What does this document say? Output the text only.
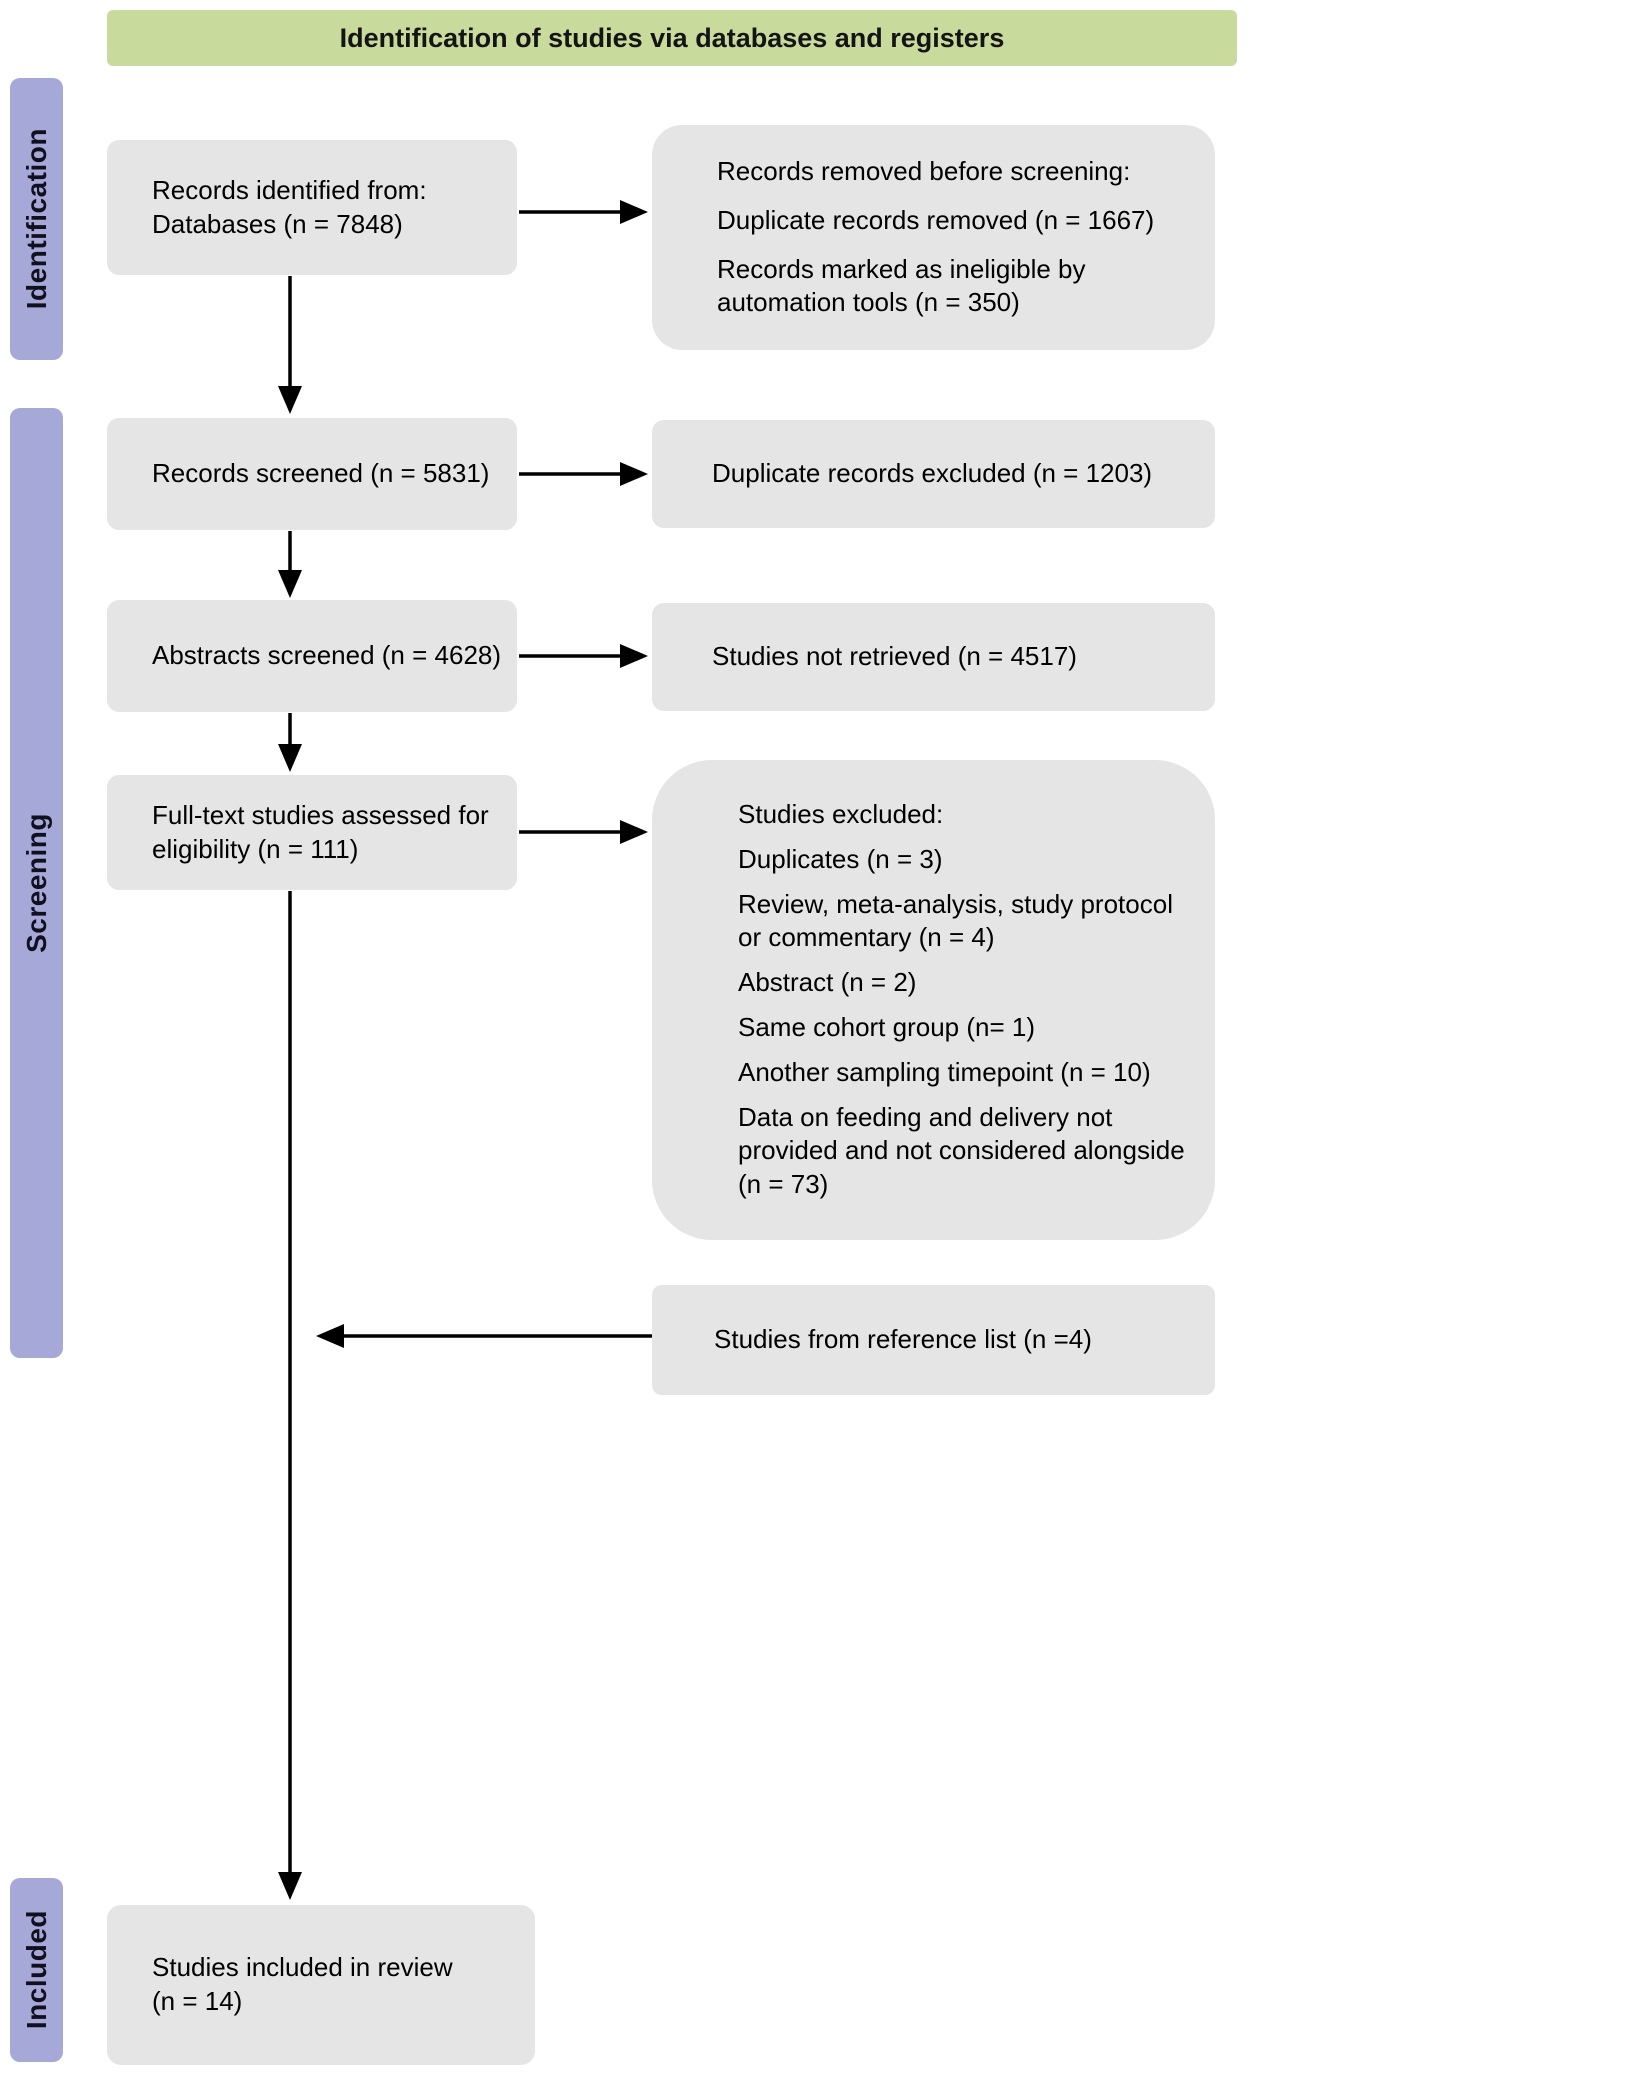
Identification of studies via databases and registers
Identification
Screening
Included
Records identified from:
Databases (n = 7848)

Records removed before screening:

Duplicate records removed (n = 1667)

Records marked as ineligible by automation tools (n = 350)

Records screened (n = 5831)	Duplicate records excluded (n = 1203)
Abstracts screened (n = 4628)	Studies not retrieved (n = 4517)
Full-text studies assessed for
eligibility (n = 111)

Studies excluded:

Duplicates (n = 3)

Review, meta-analysis, study protocol or commentary (n = 4)

Abstract (n = 2)

Same cohort group (n= 1)

Another sampling timepoint (n = 10)

Data on feeding and delivery not provided and not considered alongside (n = 73)

Studies from reference list (n =4)
Studies included in review
(n = 14)
